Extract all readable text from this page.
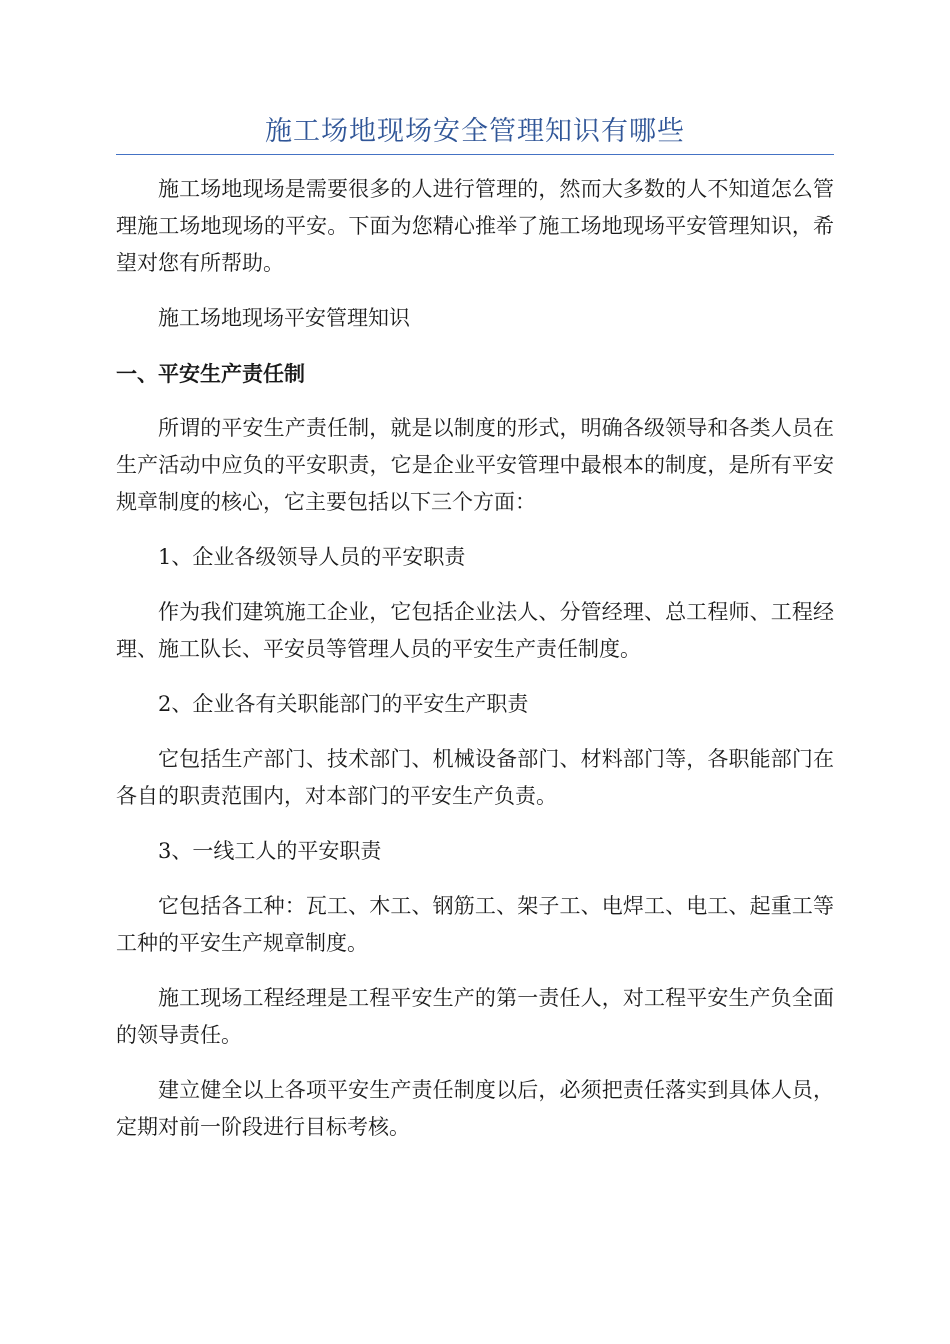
施工场地现场安全管理知识有哪些

施工场地现场是需要很多的人进行管理的，然而大多数的人不知道怎么管理施工场地现场的平安。下面为您精心推举了施工场地现场平安管理知识，希望对您有所帮助。

施工场地现场平安管理知识

一、平安生产责任制

所谓的平安生产责任制，就是以制度的形式，明确各级领导和各类人员在生产活动中应负的平安职责，它是企业平安管理中最根本的制度，是所有平安规章制度的核心，它主要包括以下三个方面：

1、企业各级领导人员的平安职责

作为我们建筑施工企业，它包括企业法人、分管经理、总工程师、工程经理、施工队长、平安员等管理人员的平安生产责任制度。

2、企业各有关职能部门的平安生产职责

它包括生产部门、技术部门、机械设备部门、材料部门等，各职能部门在各自的职责范围内，对本部门的平安生产负责。

3、一线工人的平安职责

它包括各工种：瓦工、木工、钢筋工、架子工、电焊工、电工、起重工等工种的平安生产规章制度。

施工现场工程经理是工程平安生产的第一责任人，对工程平安生产负全面的领导责任。

建立健全以上各项平安生产责任制度以后，必须把责任落实到具体人员，定期对前一阶段进行目标考核。
